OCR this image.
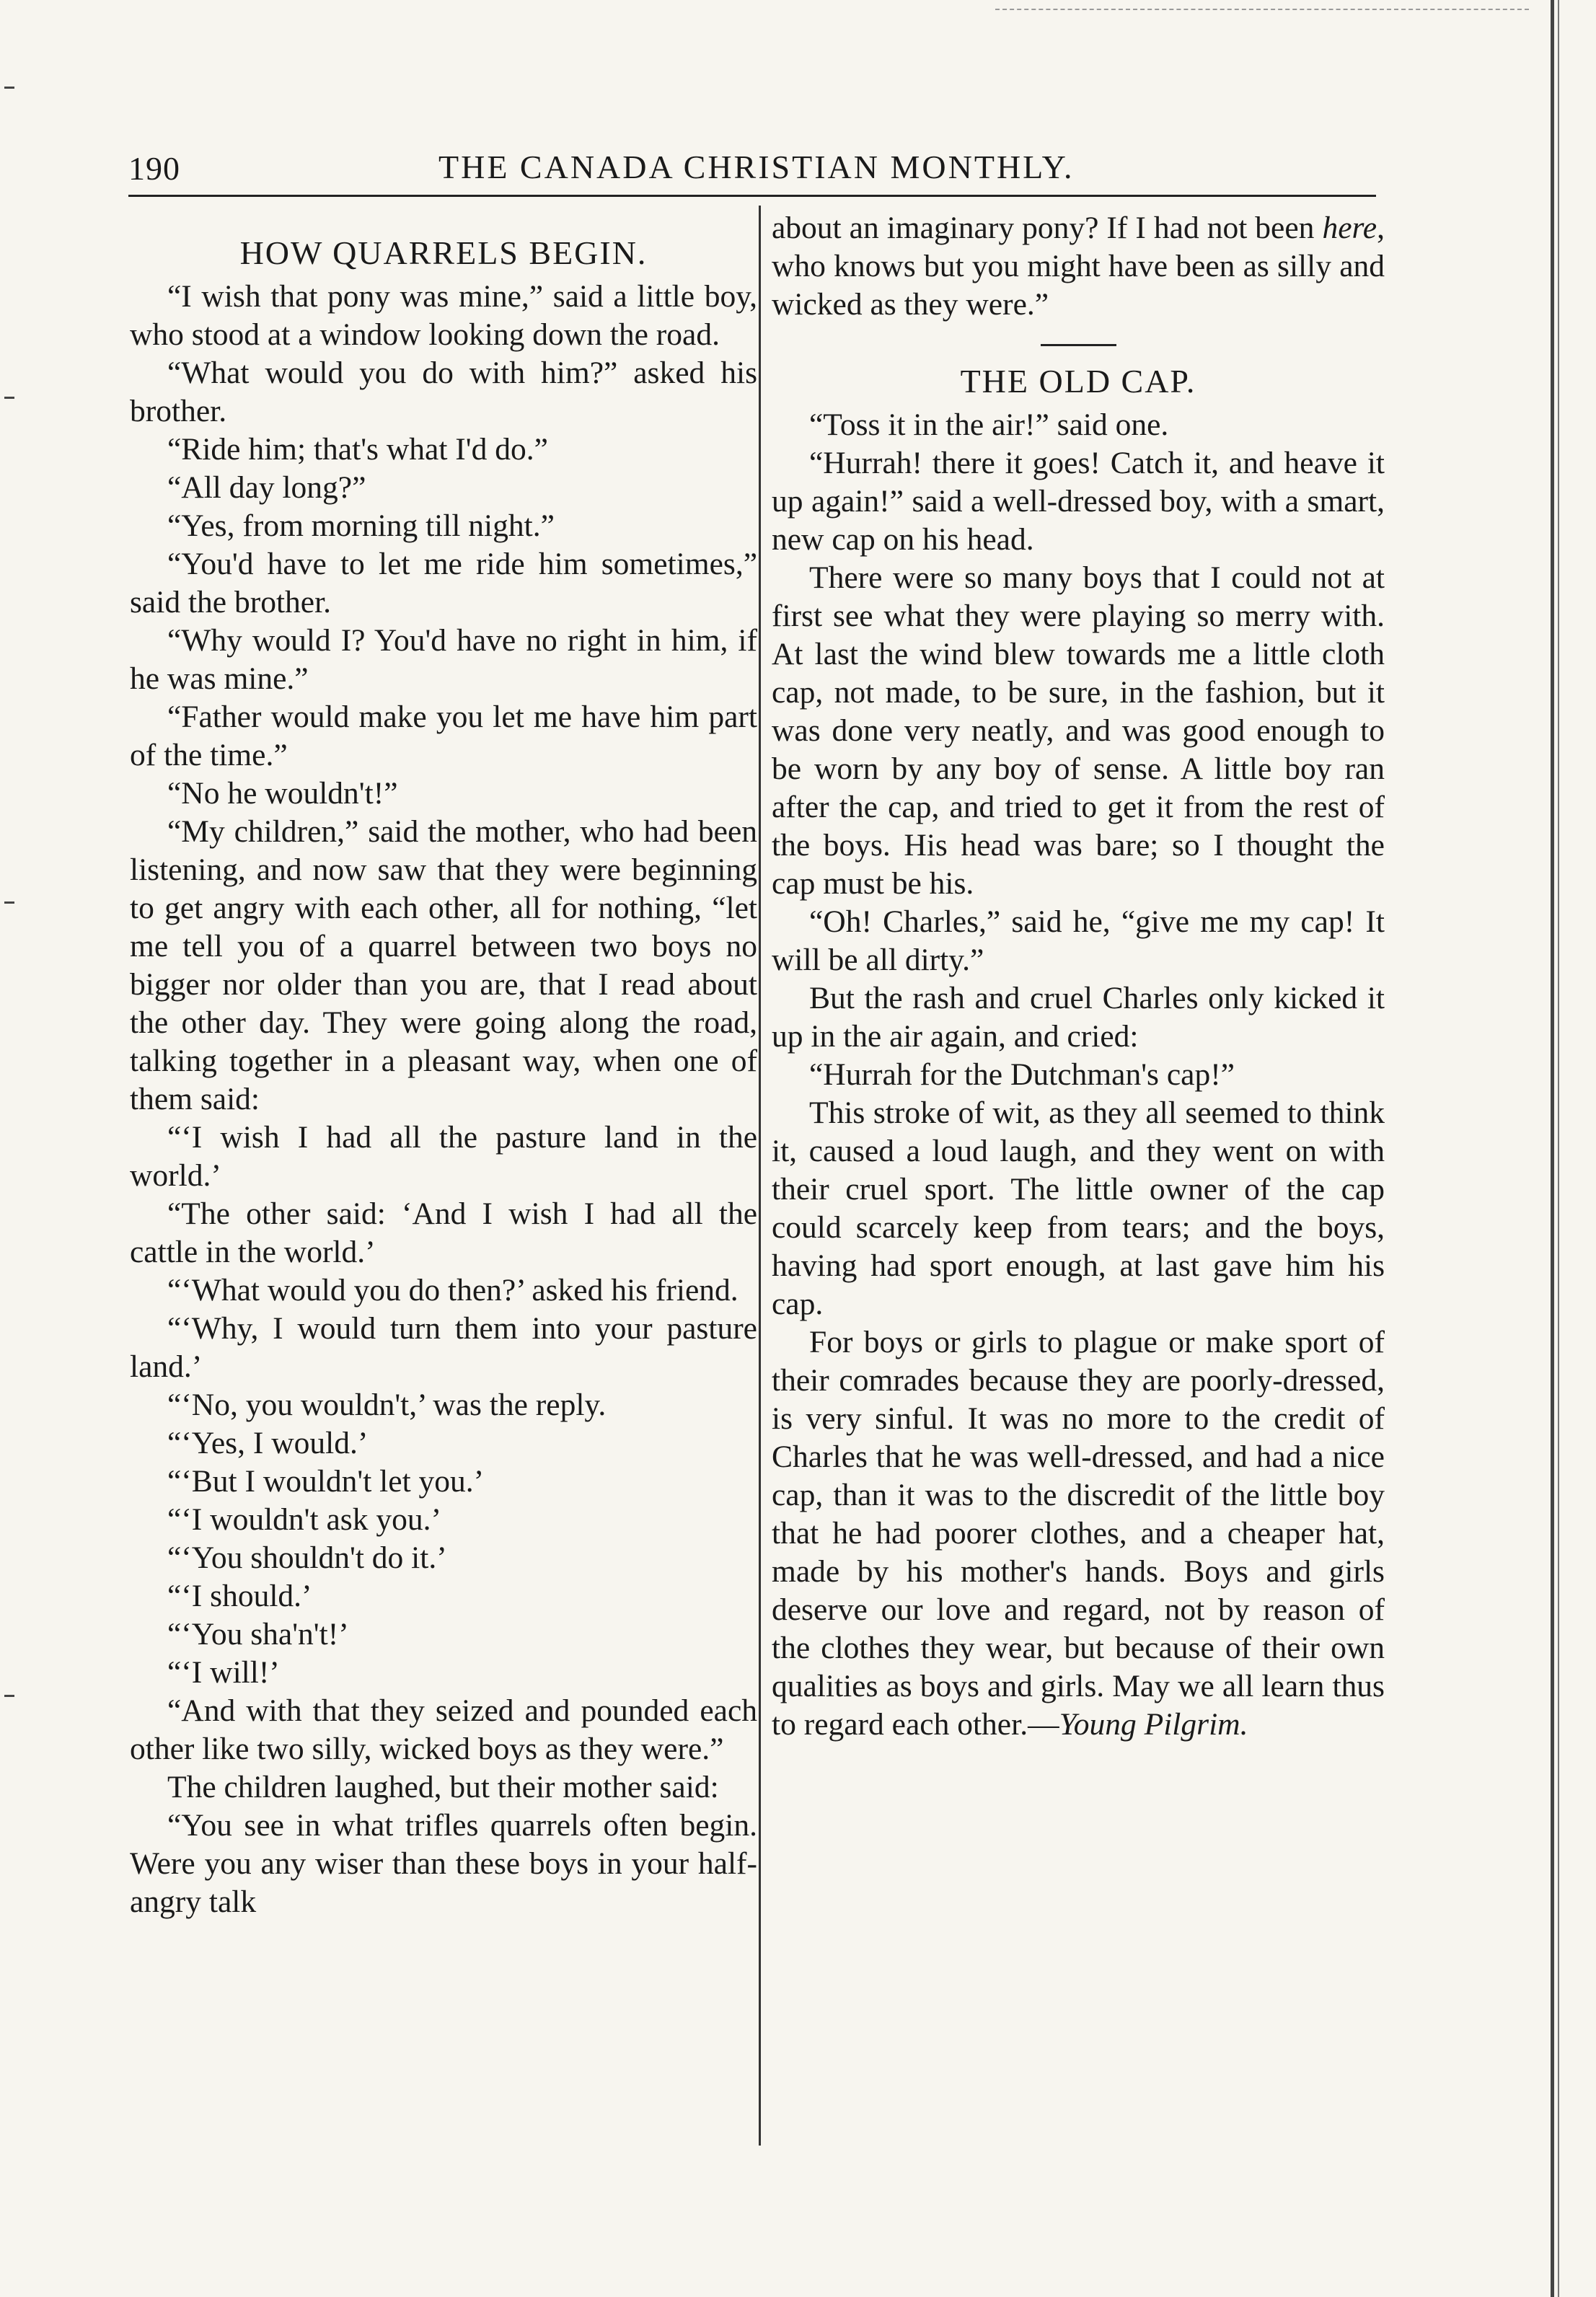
190	THE CANADA CHRISTIAN MONTHLY.
HOW QUARRELS BEGIN.

“I wish that pony was mine,” said a little boy, who stood at a window looking down the road.

“What would you do with him?” asked his brother.

“Ride him; that's what I'd do.”

“All day long?”

“Yes, from morning till night.”

“You'd have to let me ride him sometimes,” said the brother.

“Why would I? You'd have no right in him, if he was mine.”

“Father would make you let me have him part of the time.”

“No he wouldn't!”

“My children,” said the mother, who had been listening, and now saw that they were beginning to get angry with each other, all for nothing, “let me tell you of a quarrel between two boys no bigger nor older than you are, that I read about the other day. They were going along the road, talking together in a pleasant way, when one of them said:

“‘I wish I had all the pasture land in the world.’

“The other said: ‘And I wish I had all the cattle in the world.’

“‘What would you do then?’ asked his friend.

“‘Why, I would turn them into your pasture land.’

“‘No, you wouldn't,’ was the reply.

“‘Yes, I would.’

“‘But I wouldn't let you.’

“‘I wouldn't ask you.’

“‘You shouldn't do it.’

“‘I should.’

“‘You sha'n't!’

“‘I will!’

“And with that they seized and pounded each other like two silly, wicked boys as they were.”

The children laughed, but their mother said:

“You see in what trifles quarrels often begin. Were you any wiser than these boys in your half-angry talk

about an imaginary pony? If I had not been here, who knows but you might have been as silly and wicked as they were.”

THE OLD CAP.

“Toss it in the air!” said one.

“Hurrah! there it goes! Catch it, and heave it up again!” said a well-dressed boy, with a smart, new cap on his head.

There were so many boys that I could not at first see what they were playing so merry with. At last the wind blew towards me a little cloth cap, not made, to be sure, in the fashion, but it was done very neatly, and was good enough to be worn by any boy of sense. A little boy ran after the cap, and tried to get it from the rest of the boys. His head was bare; so I thought the cap must be his.

“Oh! Charles,” said he, “give me my cap! It will be all dirty.”

But the rash and cruel Charles only kicked it up in the air again, and cried:

“Hurrah for the Dutchman's cap!”

This stroke of wit, as they all seemed to think it, caused a loud laugh, and they went on with their cruel sport. The little owner of the cap could scarcely keep from tears; and the boys, having had sport enough, at last gave him his cap.

For boys or girls to plague or make sport of their comrades because they are poorly-dressed, is very sinful. It was no more to the credit of Charles that he was well-dressed, and had a nice cap, than it was to the discredit of the little boy that he had poorer clothes, and a cheaper hat, made by his mother's hands. Boys and girls deserve our love and regard, not by reason of the clothes they wear, but because of their own qualities as boys and girls. May we all learn thus to regard each other.—Young Pilgrim.
